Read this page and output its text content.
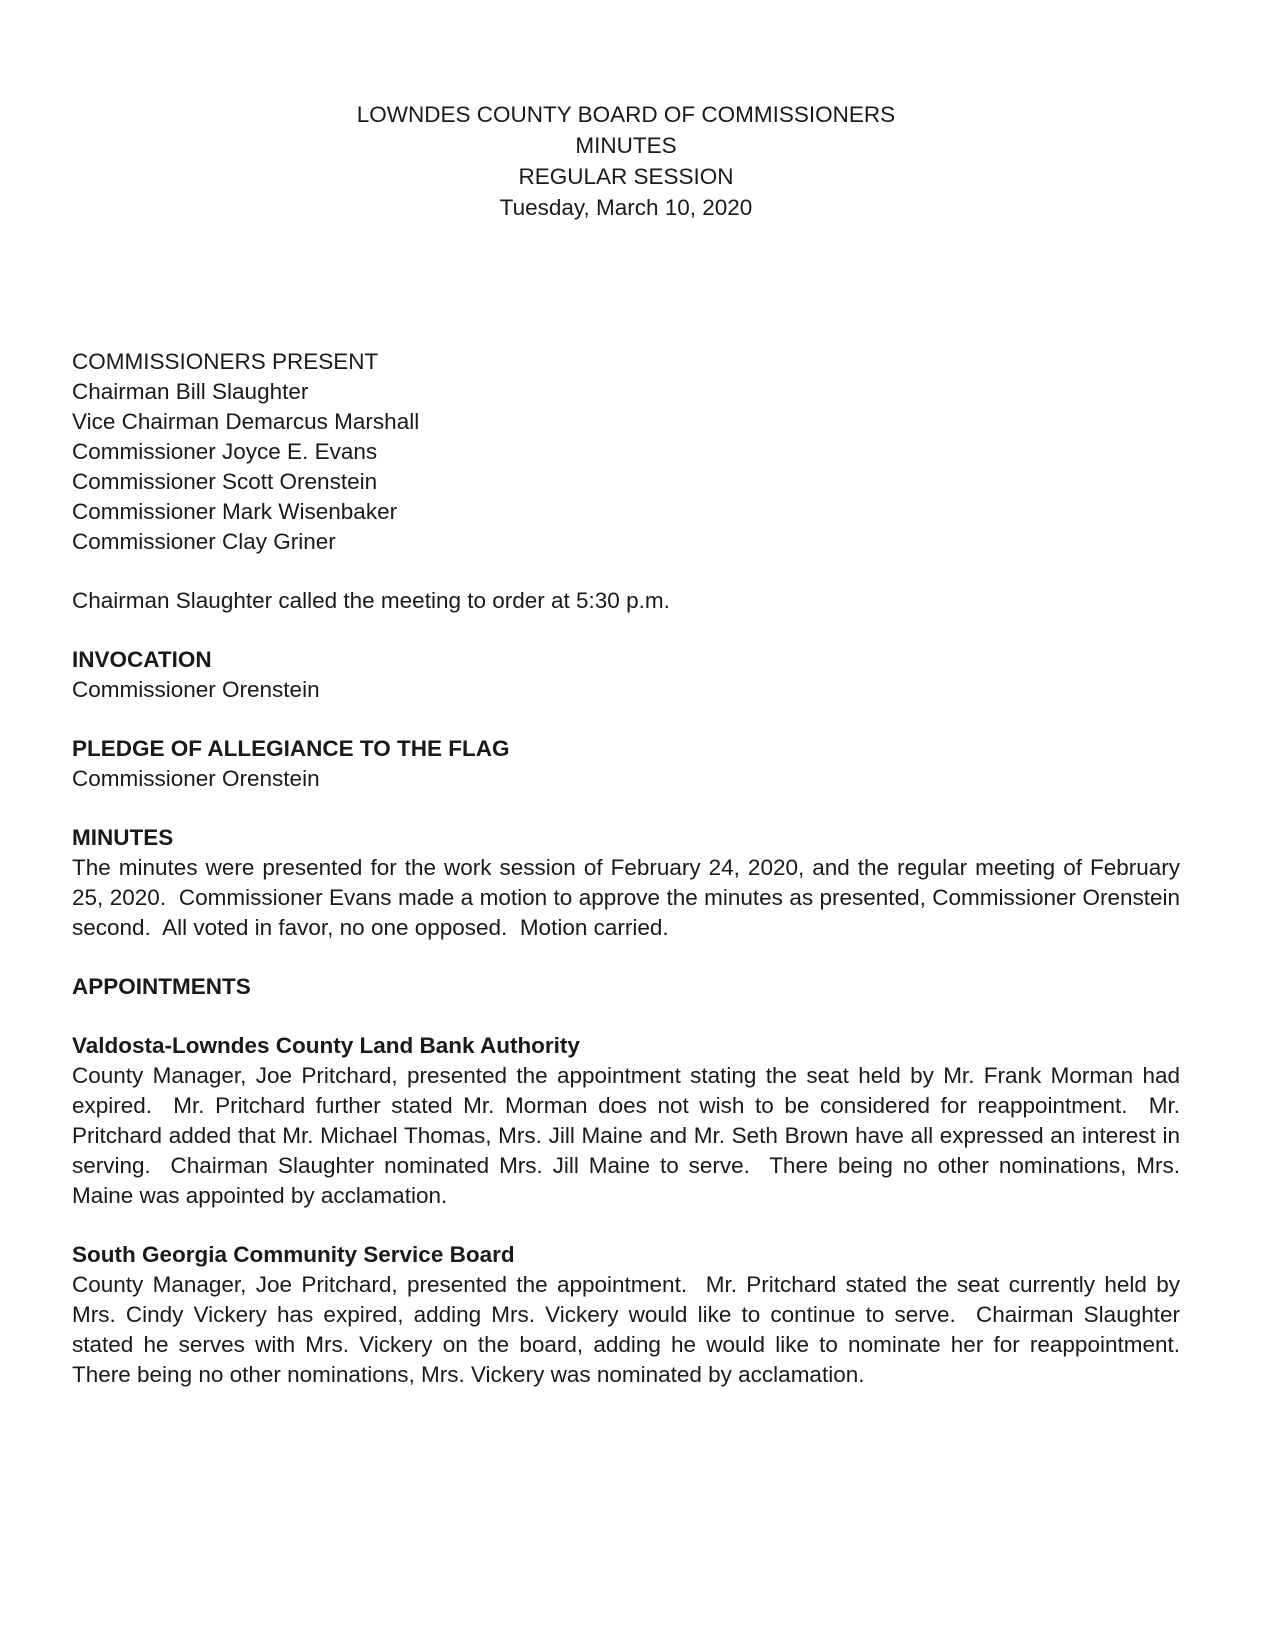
LOWNDES COUNTY BOARD OF COMMISSIONERS
MINUTES
REGULAR SESSION
Tuesday, March 10, 2020
COMMISSIONERS PRESENT
Chairman Bill Slaughter
Vice Chairman Demarcus Marshall
Commissioner Joyce E. Evans
Commissioner Scott Orenstein
Commissioner Mark Wisenbaker
Commissioner Clay Griner

Chairman Slaughter called the meeting to order at 5:30 p.m.

INVOCATION
Commissioner Orenstein
PLEDGE OF ALLEGIANCE TO THE FLAG
Commissioner Orenstein
MINUTES

The minutes were presented for the work session of February 24, 2020, and the regular meeting of February 25, 2020.  Commissioner Evans made a motion to approve the minutes as presented, Commissioner Orenstein second.  All voted in favor, no one opposed.  Motion carried.

APPOINTMENTS
Valdosta-Lowndes County Land Bank Authority

County Manager, Joe Pritchard, presented the appointment stating the seat held by Mr. Frank Morman had expired.  Mr. Pritchard further stated Mr. Morman does not wish to be considered for reappointment.  Mr. Pritchard added that Mr. Michael Thomas, Mrs. Jill Maine and Mr. Seth Brown have all expressed an interest in serving.  Chairman Slaughter nominated Mrs. Jill Maine to serve.  There being no other nominations, Mrs. Maine was appointed by acclamation.

South Georgia Community Service Board

County Manager, Joe Pritchard, presented the appointment.  Mr. Pritchard stated the seat currently held by Mrs. Cindy Vickery has expired, adding Mrs. Vickery would like to continue to serve.  Chairman Slaughter stated he serves with Mrs. Vickery on the board, adding he would like to nominate her for reappointment.  There being no other nominations, Mrs. Vickery was nominated by acclamation.
